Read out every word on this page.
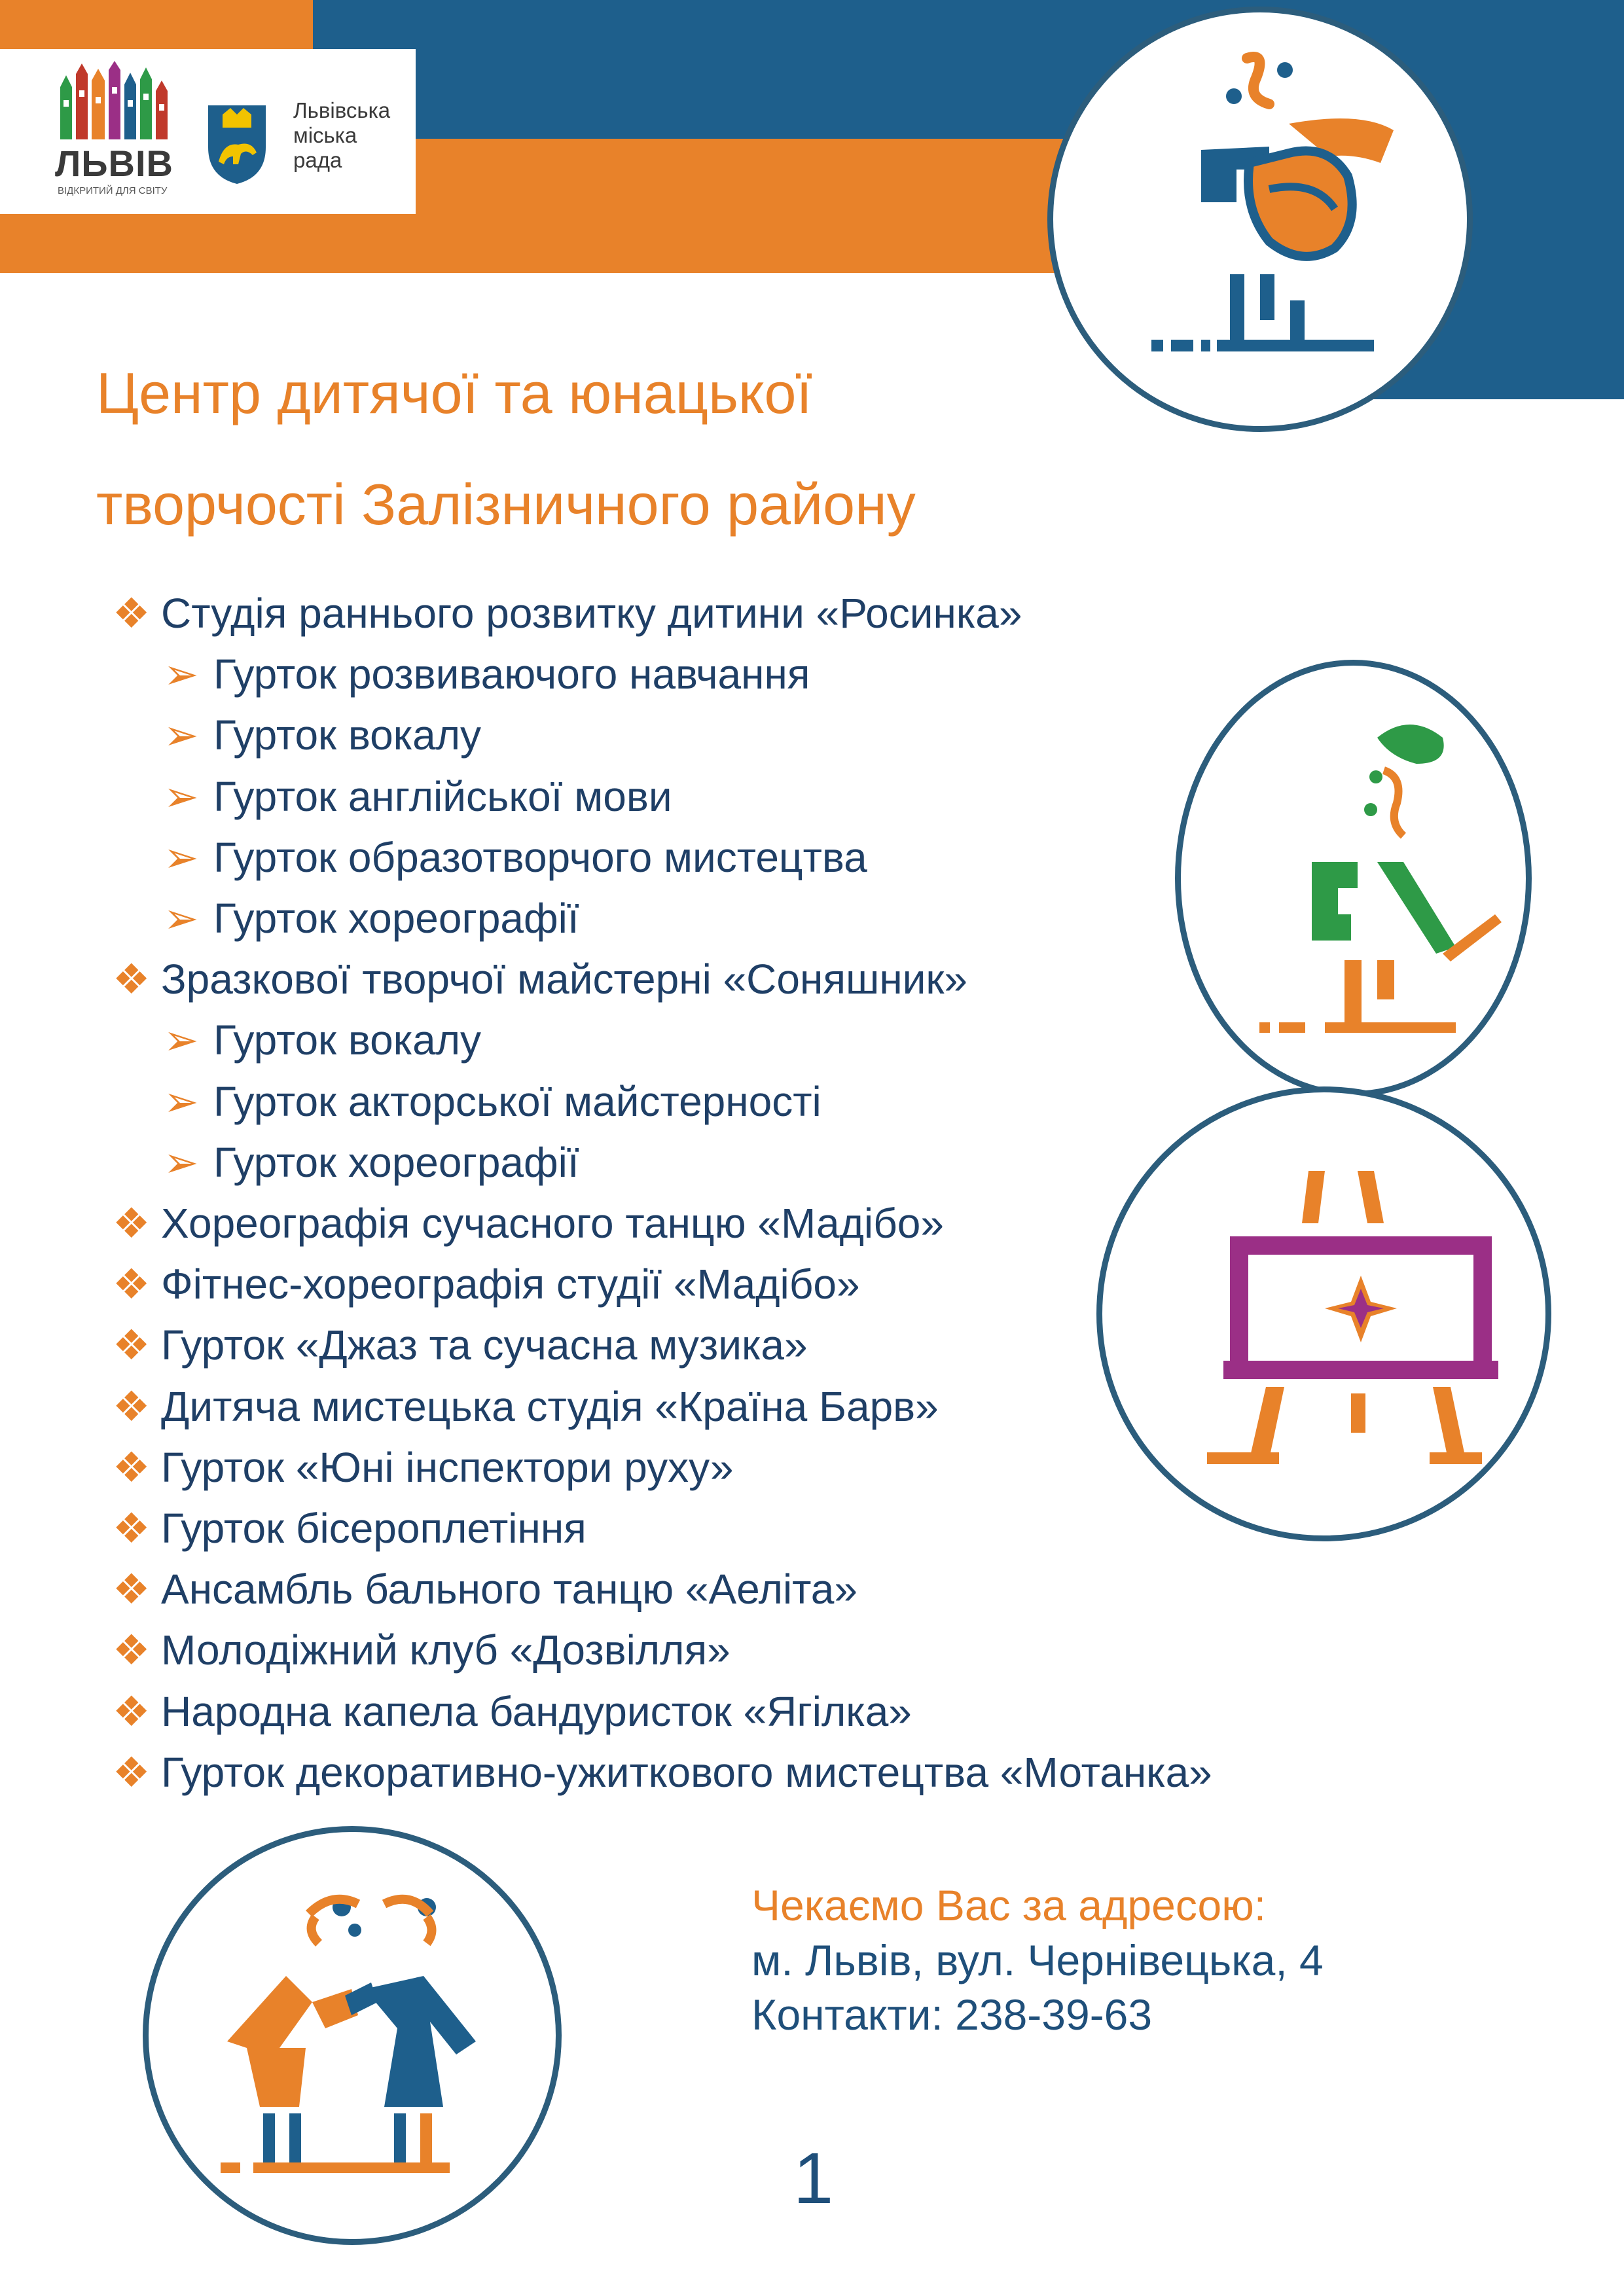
ЛЬВІВ
ВІДКРИТИЙ ДЛЯ СВІТУ
Львівська
міська
рада
Центр дитячої та юнацької
творчості Залізничного району
❖ Студія раннього розвитку дитини «Росинка»
➢ Гурток розвиваючого навчання
➢ Гурток вокалу
➢ Гурток англійської мови
➢ Гурток образотворчого мистецтва
➢ Гурток хореографії
❖ Зразкової творчої майстерні «Соняшник»
➢ Гурток вокалу
➢ Гурток акторської майстерності
➢ Гурток хореографії
❖ Хореографія сучасного танцю «Мадібо»
❖ Фітнес-хореографія студії «Мадібо»
❖ Гурток «Джаз та сучасна музика»
❖ Дитяча мистецька студія «Країна Барв»
❖ Гурток «Юні інспектори руху»
❖ Гурток бісероплетіння
❖ Ансамбль бального танцю «Аеліта»
❖ Молодіжний клуб «Дозвілля»
❖ Народна капела бандуристок «Ягілка»
❖ Гурток декоративно-ужиткового мистецтва «Мотанка»
Чекаємо Вас за адресою:
м. Львів, вул. Чернівецька, 4
Контакти: 238-39-63
1
